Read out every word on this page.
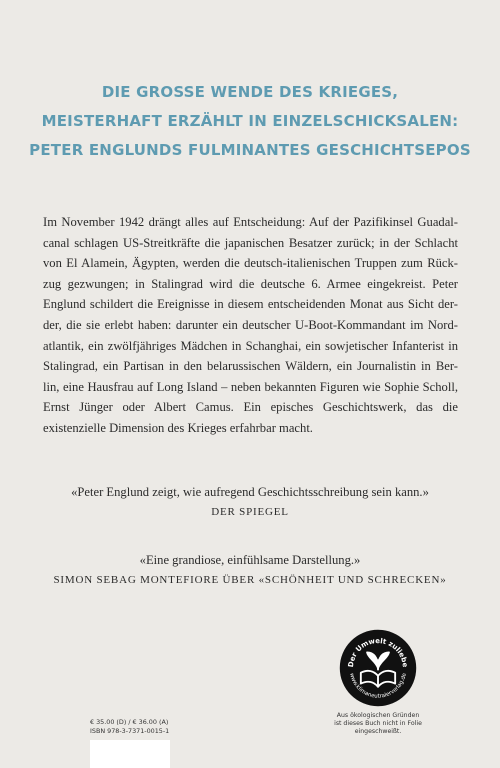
DIE GROSSE WENDE DES KRIEGES,
MEISTERHAFT ERZÄHLT IN EINZELSCHICKSALEN:
PETER ENGLUNDS FULMINANTES GESCHICHTSEPOS
Im November 1942 drängt alles auf Entscheidung: Auf der Pazifikinsel Guadal-
canal schlagen US-Streitkräfte die japanischen Besatzer zurück; in der Schlacht
von El Alamein, Ägypten, werden die deutsch-italienischen Truppen zum Rück-
zug gezwungen; in Stalingrad wird die deutsche 6. Armee eingekreist. Peter
Englund schildert die Ereignisse in diesem entscheidenden Monat aus Sicht der-
der, die sie erlebt haben: darunter ein deutscher U-Boot-Kommandant im Nord-
atlantik, ein zwölfjähriges Mädchen in Schanghai, ein sowjetischer Infanterist in
Stalingrad, ein Partisan in den belarussischen Wäldern, ein Journalistin in Ber-
lin, eine Hausfrau auf Long Island – neben bekannten Figuren wie Sophie Scholl,
Ernst Jünger oder Albert Camus. Ein episches Geschichtswerk, das die
existenzielle Dimension des Krieges erfahrbar macht.
«Peter Englund zeigt, wie aufregend Geschichtsschreibung sein kann.»
DER SPIEGEL
«Eine grandiose, einfühlsame Darstellung.»
SIMON SEBAG MONTEFIORE ÜBER «SCHÖNHEIT UND SCHRECKEN»
Der Umwelt zuliebe
www.klimaneutralerverlag.de
Aus ökologischen Gründen
ist dieses Buch nicht in Folie
eingeschweißt.
€ 35.00 (D) / € 36.00 (A)
ISBN 978-3-7371-0015-1
